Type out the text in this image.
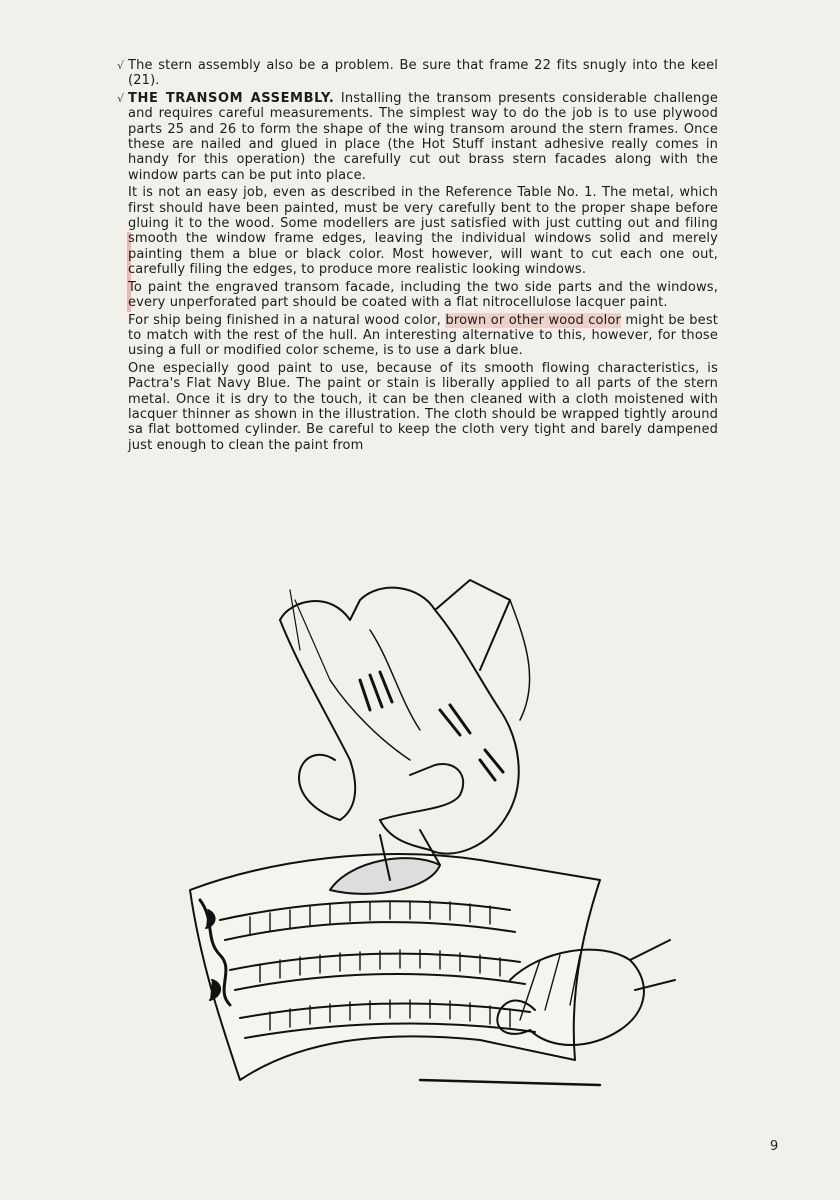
√ The stern assembly also be a problem. Be sure that frame 22 fits snugly into the keel (21).

√ THE TRANSOM ASSEMBLY. Installing the transom presents considerable challenge and requires careful measurements. The simplest way to do the job is to use plywood parts 25 and 26 to form the shape of the wing transom around the stern frames. Once these are nailed and glued in place (the Hot Stuff instant adhesive really comes in handy for this operation) the carefully cut out brass stern facades along with the window parts can be put into place.

It is not an easy job, even as described in the Reference Table No. 1. The metal, which first should have been painted, must be very carefully bent to the proper shape before gluing it to the wood. Some modellers are just satisfied with just cutting out and filing smooth the window frame edges, leaving the individual windows solid and merely painting them a blue or black color. Most however, will want to cut each one out, carefully filing the edges, to produce more realistic looking windows.

To paint the engraved transom facade, including the two side parts and the windows, every unperforated part should be coated with a flat nitrocellulose lacquer paint.

For ship being finished in a natural wood color, brown or other wood color might be best to match with the rest of the hull. An interesting alternative to this, however, for those using a full or modified color scheme, is to use a dark blue.

One especially good paint to use, because of its smooth flowing characteristics, is Pactra's Flat Navy Blue. The paint or stain is liberally applied to all parts of the stern metal. Once it is dry to the touch, it can be then cleaned with a cloth moistened with lacquer thinner as shown in the illustration. The cloth should be wrapped tightly around sa flat bottomed cylinder. Be careful to keep the cloth very tight and barely dampened just enough to clean the paint from

9
